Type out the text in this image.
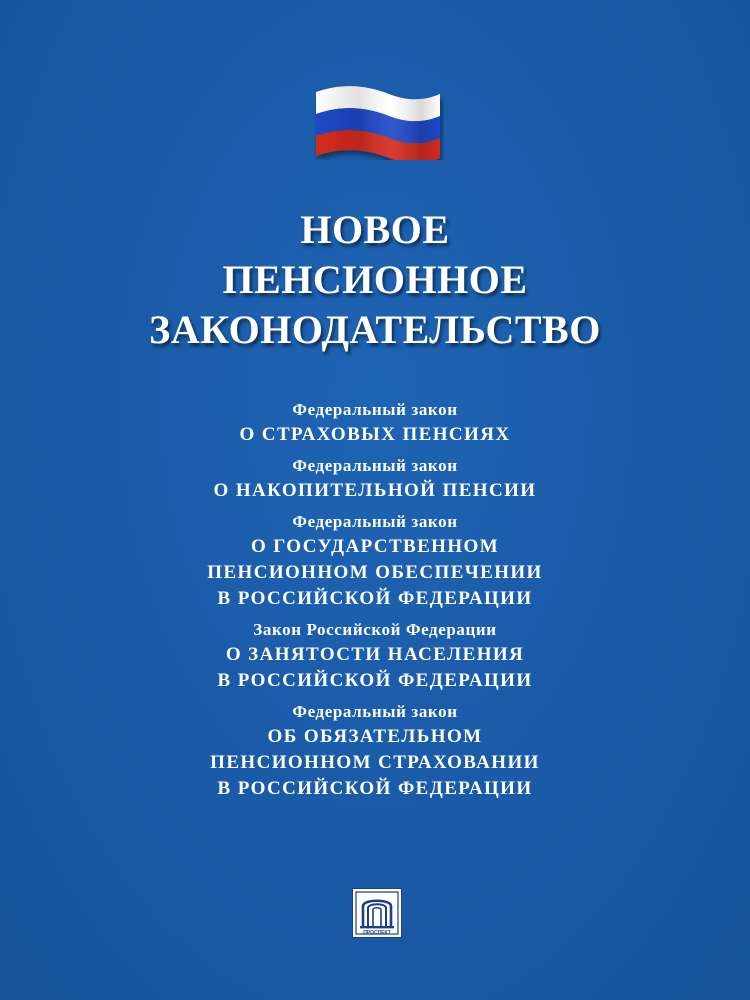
НОВОЕ
ПЕНСИОННОЕ
ЗАКОНОДАТЕЛЬСТВО
Федеральный закон
О СТРАХОВЫХ ПЕНСИЯХ
Федеральный закон
О НАКОПИТЕЛЬНОЙ ПЕНСИИ
Федеральный закон
О ГОСУДАРСТВЕННОМ
ПЕНСИОННОМ ОБЕСПЕЧЕНИИ
В РОССИЙСКОЙ ФЕДЕРАЦИИ
Закон Российской Федерации
О ЗАНЯТОСТИ НАСЕЛЕНИЯ
В РОССИЙСКОЙ ФЕДЕРАЦИИ
Федеральный закон
ОБ ОБЯЗАТЕЛЬНОМ
ПЕНСИОННОМ СТРАХОВАНИИ
В РОССИЙСКОЙ ФЕДЕРАЦИИ
ПРОСПЕКТ
